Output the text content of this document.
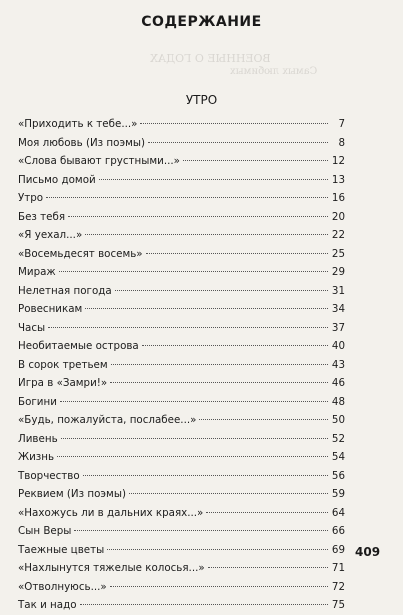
ВОЕННЫЕ О ГОДАХ
Самых любимых
СОДЕРЖАНИЕ
УТРО
«Приходить к тебе...»	7
Моя любовь (Из поэмы)	8
«Слова бывают грустными...»	12
Письмо домой	13
Утро	16
Без тебя	20
«Я уехал...»	22
«Восемьдесят восемь»	25
Мираж	29
Нелетная погода	31
Ровесникам	34
Часы	37
Необитаемые острова	40
В сорок третьем	43
Игра в «Замри!»	46
Богини	48
«Будь, пожалуйста, послабее...»	50
Ливень	52
Жизнь	54
Творчество	56
Реквием (Из поэмы)	59
«Нахожусь ли в дальних краях...»	64
Сын Веры	66
Таежные цветы	69
«Нахлынутся тяжелые колосья...»	71
«Отволнуюсь...»	72
Так и надо	75
409
